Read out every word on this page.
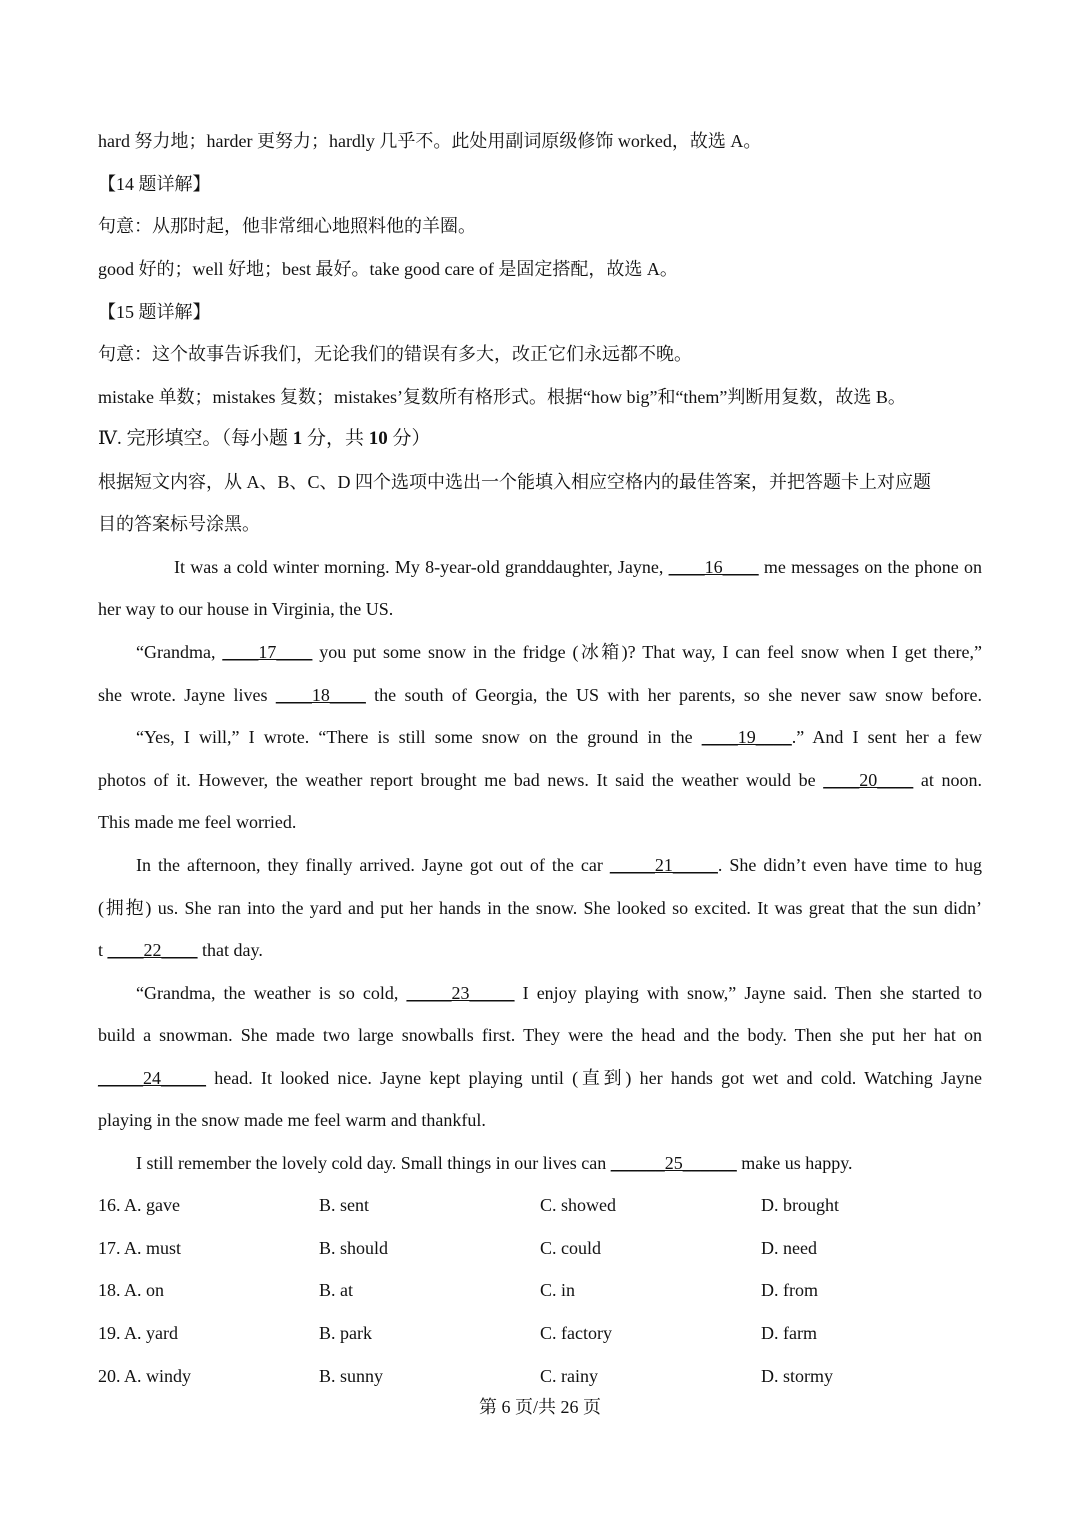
hard 努力地；harder 更努力；hardly 几乎不。此处用副词原级修饰 worked，故选 A。
【14 题详解】
句意：从那时起，他非常细心地照料他的羊圈。
good 好的；well 好地；best 最好。take good care of 是固定搭配，故选 A。
【15 题详解】
句意：这个故事告诉我们，无论我们的错误有多大，改正它们永远都不晚。
mistake 单数；mistakes 复数；mistakes’复数所有格形式。根据“how big”和“them”判断用复数，故选 B。
Ⅳ. 完形填空。（每小题 1 分，共 10 分）
根据短文内容，从 A、B、C、D 四个选项中选出一个能填入相应空格内的最佳答案，并把答题卡上对应题
目的答案标号涂黑。
It was a cold winter morning. My 8-year-old granddaughter, Jayne, ____16____ me messages on the phone on
her way to our house in Virginia, the US.
“Grandma, ____17____ you put some snow in the fridge (冰箱)? That way, I can feel snow when I get there,”
she wrote. Jayne lives ____18____ the south of Georgia, the US with her parents, so she never saw snow before.
“Yes, I will,” I wrote. “There is still some snow on the ground in the ____19____.” And I sent her a few
photos of it. However, the weather report brought me bad news. It said the weather would be ____20____ at noon.
This made me feel worried.
In the afternoon, they finally arrived. Jayne got out of the car _____21_____. She didn’t even have time to hug
(拥抱) us. She ran into the yard and put her hands in the snow. She looked so excited. It was great that the sun didn’
t ____22____ that day.
“Grandma, the weather is so cold, _____23_____ I enjoy playing with snow,” Jayne said. Then she started to
build a snowman. She made two large snowballs first. They were the head and the body. Then she put her hat on
_____24_____ head. It looked nice. Jayne kept playing until (直到) her hands got wet and cold. Watching Jayne
playing in the snow made me feel warm and thankful.
I still remember the lovely cold day. Small things in our lives can ______25______ make us happy.
16. A. gave	B. sent	C. showed	D. brought
17. A. must	B. should	C. could	D. need
18. A. on	B. at	C. in	D. from
19. A. yard	B. park	C. factory	D. farm
20. A. windy	B. sunny	C. rainy	D. stormy
第 6 页/共 26 页
